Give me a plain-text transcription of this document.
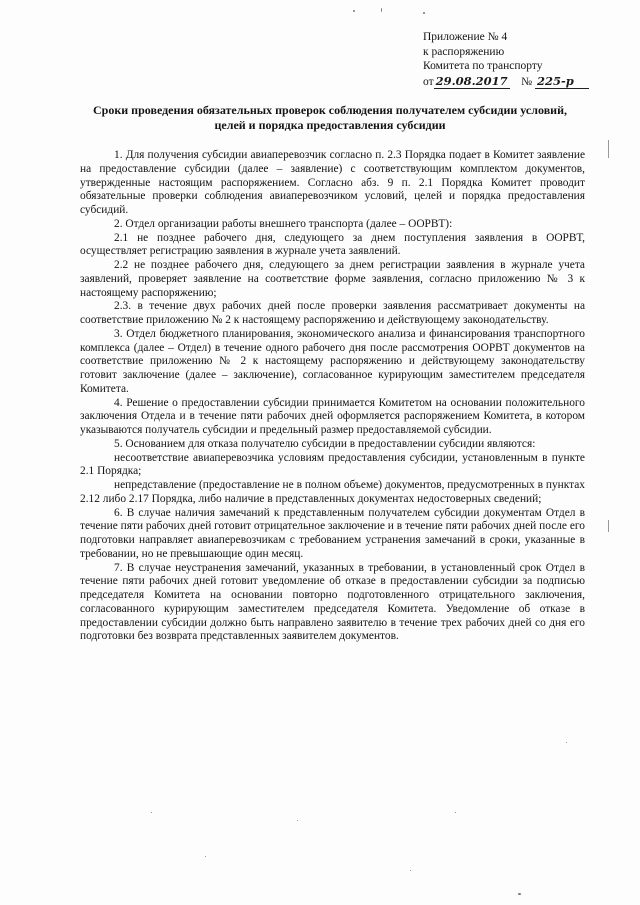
Приложение № 4
к распоряжению
Комитета по транспорту
от 29.08.2017 № 225-р
Сроки проведения обязательных проверок соблюдения получателем субсидии условий, целей и порядка предоставления субсидии

1. Для получения субсидии авиаперевозчик согласно п. 2.3 Порядка подает в Комитет заявление на предоставление субсидии (далее – заявление) с соответствующим комплектом документов, утвержденные настоящим распоряжением. Согласно абз. 9 п. 2.1 Порядка Комитет проводит обязательные проверки соблюдения авиаперевозчиком условий, целей и порядка предоставления субсидий.

2. Отдел организации работы внешнего транспорта (далее – ООРВТ):

2.1 не позднее рабочего дня, следующего за днем поступления заявления в ООРВТ, осуществляет регистрацию заявления в журнале учета заявлений.

2.2 не позднее рабочего дня, следующего за днем регистрации заявления в журнале учета заявлений, проверяет заявление на соответствие форме заявления, согласно приложению № 3 к настоящему распоряжению;

2.3. в течение двух рабочих дней после проверки заявления рассматривает документы на соответствие приложению № 2 к настоящему распоряжению и действующему законодательству.

3. Отдел бюджетного планирования, экономического анализа и финансирования транспортного комплекса (далее – Отдел) в течение одного рабочего дня после рассмотрения ООРВТ документов на соответствие приложению № 2 к настоящему распоряжению и действующему законодательству готовит заключение (далее – заключение), согласованное курирующим заместителем председателя Комитета.

4. Решение о предоставлении субсидии принимается Комитетом на основании положительного заключения Отдела и в течение пяти рабочих дней оформляется распоряжением Комитета, в котором указываются получатель субсидии и предельный размер предоставляемой субсидии.

5. Основанием для отказа получателю субсидии в предоставлении субсидии являются:

несоответствие авиаперевозчика условиям предоставления субсидии, установленным в пункте 2.1 Порядка;

непредставление (предоставление не в полном объеме) документов, предусмотренных в пунктах 2.12 либо 2.17 Порядка, либо наличие в представленных документах недостоверных сведений;

6. В случае наличия замечаний к представленным получателем субсидии документам Отдел в течение пяти рабочих дней готовит отрицательное заключение и в течение пяти рабочих дней после его подготовки направляет авиаперевозчикам с требованием устранения замечаний в сроки, указанные в требовании, но не превышающие один месяц.

7. В случае неустранения замечаний, указанных в требовании, в установленный срок Отдел в течение пяти рабочих дней готовит уведомление об отказе в предоставлении субсидии за подписью председателя Комитета на основании повторно подготовленного отрицательного заключения, согласованного курирующим заместителем председателя Комитета. Уведомление об отказе в предоставлении субсидии должно быть направлено заявителю в течение трех рабочих дней со дня его подготовки без возврата представленных заявителем документов.
